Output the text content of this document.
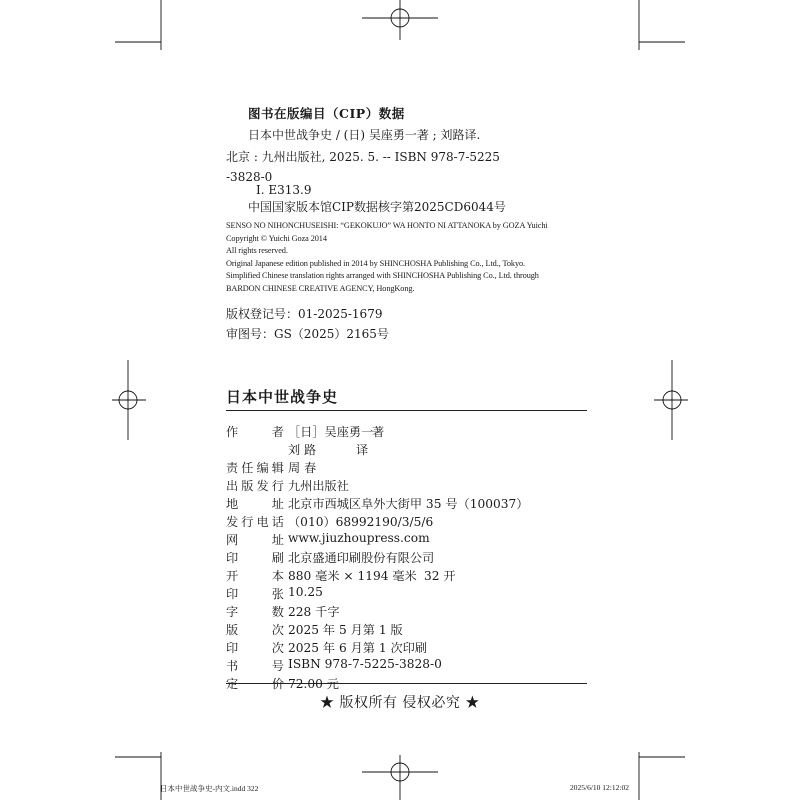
图书在版编目（CIP）数据
日本中世战争史 / (日) 吴座勇一著 ; 刘路译.
北京 : 九州出版社, 2025. 5. -- ISBN 978-7-5225
-3828-0
Ⅰ. E313.9
中国国家版本馆CIP数据核字第2025CD6044号
SENSO NO NIHONCHUSEISHI: “GEKOKUJO” WA HONTO NI ATTANOKA by GOZA Yuichi
Copyright © Yuichi Goza 2014
All rights reserved.
Original Japanese edition published in 2014 by SHINCHOSHA Publishing Co., Ltd., Tokyo.
Simplified Chinese translation rights arranged with SHINCHOSHA Publishing Co., Ltd. through
BARDON CHINESE CREATIVE AGENCY, HongKong.
版权登记号：01-2025-1679
审图号：GS（2025）2165号
日本中世战争史
作者 ［日］吴座勇一
著
刘 路	译
责任编辑 周 春
出版发行 九州出版社
地址 北京市西城区阜外大街甲 35 号（100037）
发行电话 （010）68992190/3/5/6
网址 www.jiuzhoupress.com
印刷 北京盛通印刷股份有限公司
开本 880 毫米 × 1194 毫米 32 开
印张 10.25
字数 228 千字
版次 2025 年 5 月第 1 版
印次 2025 年 6 月第 1 次印刷
书号 ISBN 978-7-5225-3828-0
★ 版权所有 侵权必究 ★
日本中世战争史-内文.indd 322	2025/6/10 12:12:02
